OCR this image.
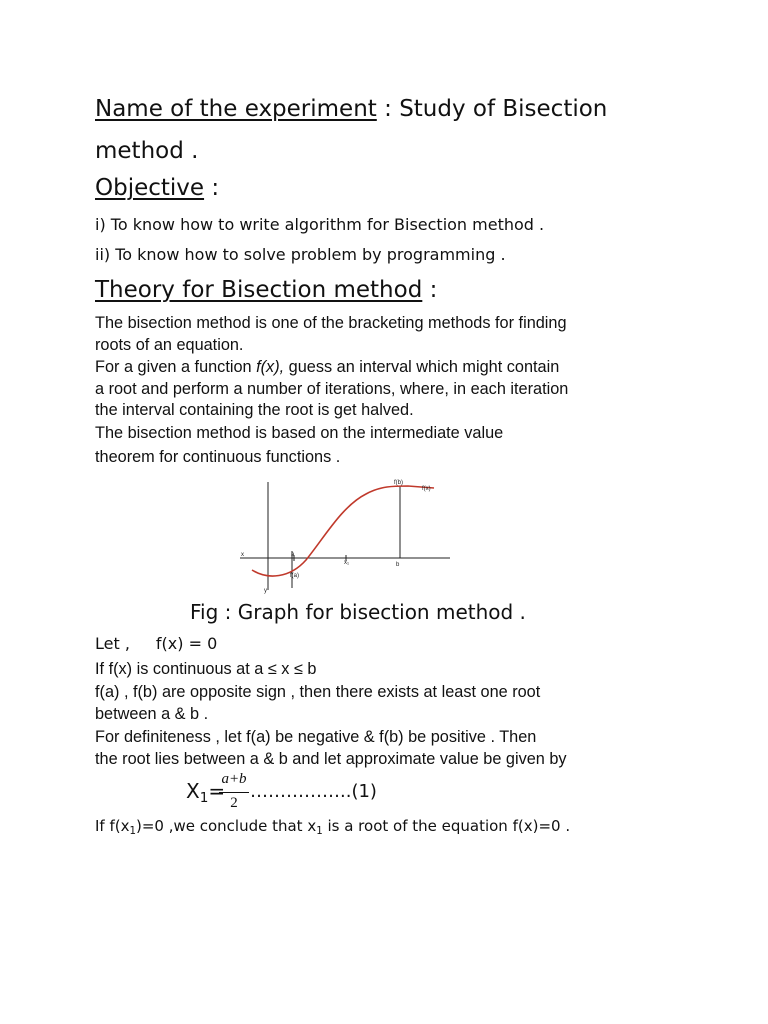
Name of the experiment : Study of Bisection
method .
Objective :
i) To know how to write algorithm for Bisection method .
ii) To know how to solve problem by programming .
Theory for Bisection method :
The bisection method is one of the bracketing methods for finding
roots of an equation.
For a given a function f(x), guess an interval which might contain
a root and perform a number of iterations, where, in each iteration
the interval containing the root is get halved.
The bisection method is based on the intermediate value
theorem for continuous functions .
f(b)
f(x)
x	a
x₁	b
f(a)
y
Fig : Graph for bisection method .
Let , f(x) = 0
If f(x) is continuous at a ≤ x ≤ b
f(a) , f(b) are opposite sign , then there exists at least one root
between a & b .
For definiteness , let f(a) be negative & f(b) be positive . Then
the root lies between a & b and let approximate value be given by
$X_1=$
a+b
2
……………..(1)
If $f(x_1)=0$ ,we conclude that $x_1$ is a root of the equation f(x)=0 .
